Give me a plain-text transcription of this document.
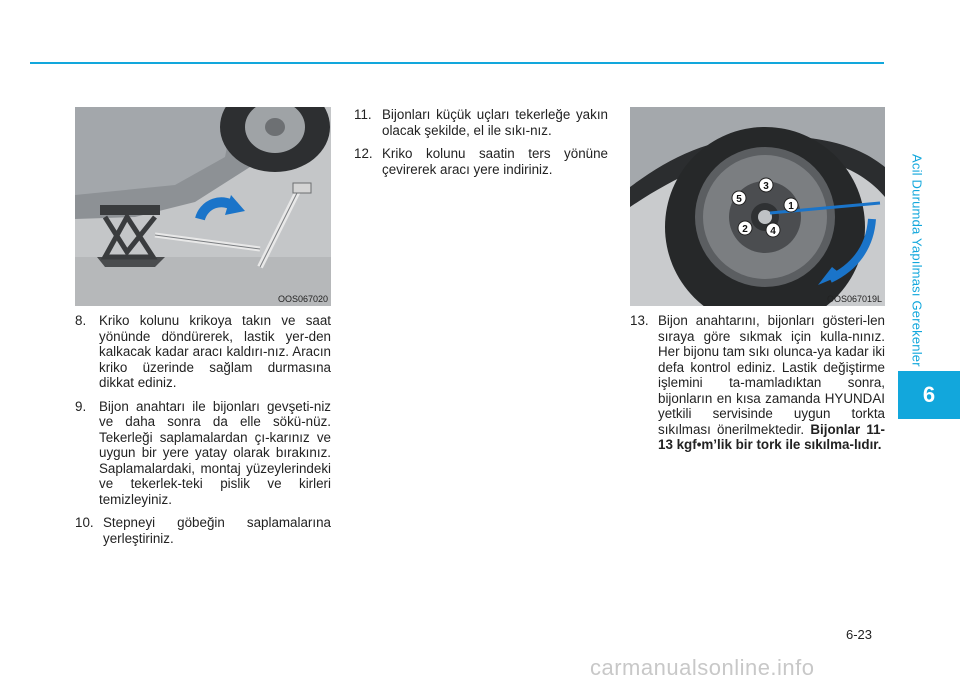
Acil Durumda Yapılması Gerekenler
6
OOS067020
1
2
3
4
5
OOS067019L
8. Kriko kolunu krikoya takın ve saat yönünde döndürerek, lastik yer-den kalkacak kadar aracı kaldırı-nız. Aracın kriko üzerinde sağlam durmasına dikkat ediniz.
9. Bijon anahtarı ile bijonları gevşeti-niz ve daha sonra da elle sökü-nüz. Tekerleği saplamalardan çı-karınız ve uygun bir yere yatay olarak bırakınız. Saplamalardaki, montaj yüzeylerindeki ve tekerlek-teki pislik ve kirleri temizleyiniz.
10. Stepneyi göbeğin saplamalarına yerleştiriniz.
11. Bijonları küçük uçları tekerleğe yakın olacak şekilde, el ile sıkı-nız.
12. Kriko kolunu saatin ters yönüne çevirerek aracı yere indiriniz.
13. Bijon anahtarını, bijonları gösteri-len sıraya göre sıkmak için kulla-nınız. Her bijonu tam sıkı olunca-ya kadar iki defa kontrol ediniz. Lastik değiştirme işlemini ta-mamladıktan sonra, bijonların en kısa zamanda HYUNDAI yetkili servisinde uygun torkta sıkılması önerilmektedir. Bijonlar 11-13 kgf•m’lik bir tork ile sıkılma-lıdır.
6-23
carmanualsonline.info
